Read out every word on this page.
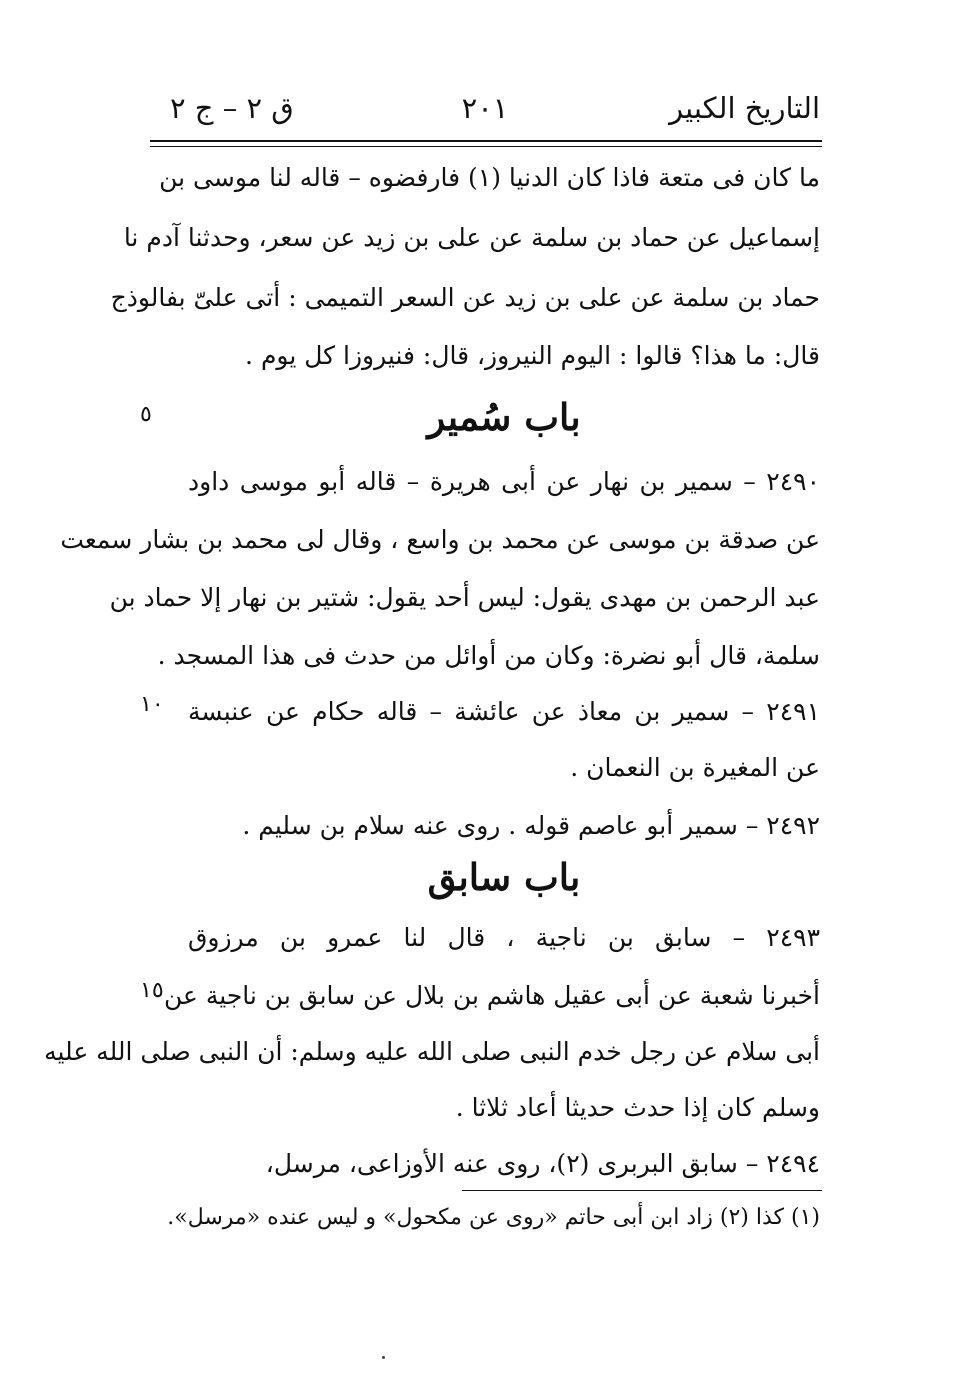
التاريخ الكبير
٢٠١
ق ٢ – ج ٢
ما كان فى متعة فاذا كان الدنيا (١) فارفضوه – قاله لنا موسى بن
إسماعيل عن حماد بن سلمة عن على بن زيد عن سعر، وحدثنا آدم نا
حماد بن سلمة عن على بن زيد عن السعر التميمى : أتى علىّ بفالوذج
قال: ما هذا؟ قالوا : اليوم النيروز، قال: فنيروزا كل يوم .
٥	باب سُمير
٢٤٩٠ – سمير بن نهار عن أبى هريرة – قاله أبو موسى داود
عن صدقة بن موسى عن محمد بن واسع ، وقال لى محمد بن بشار سمعت
عبد الرحمن بن مهدى يقول: ليس أحد يقول: شتير بن نهار إلا حماد بن
سلمة، قال أبو نضرة: وكان من أوائل من حدث فى هذا المسجد .
١٠ ٢٤٩١ – سمير بن معاذ عن عائشة – قاله حكام عن عنبسة
عن المغيرة بن النعمان .
٢٤٩٢ – سمير أبو عاصم قوله . روى عنه سلام بن سليم .
باب سابق
٢٤٩٣ – سابق بن ناجية ، قال لنا عمرو بن مرزوق
١٥ أخبرنا شعبة عن أبى عقيل هاشم بن بلال عن سابق بن ناجية عن
أبى سلام عن رجل خدم النبى صلى الله عليه وسلم: أن النبى صلى الله عليه
وسلم كان إذا حدث حديثا أعاد ثلاثا .
٢٤٩٤ – سابق البربرى (٢)، روى عنه الأوزاعى، مرسل،
(١) كذا (٢) زاد ابن أبى حاتم «روى عن مكحول» و ليس عنده «مرسل».
